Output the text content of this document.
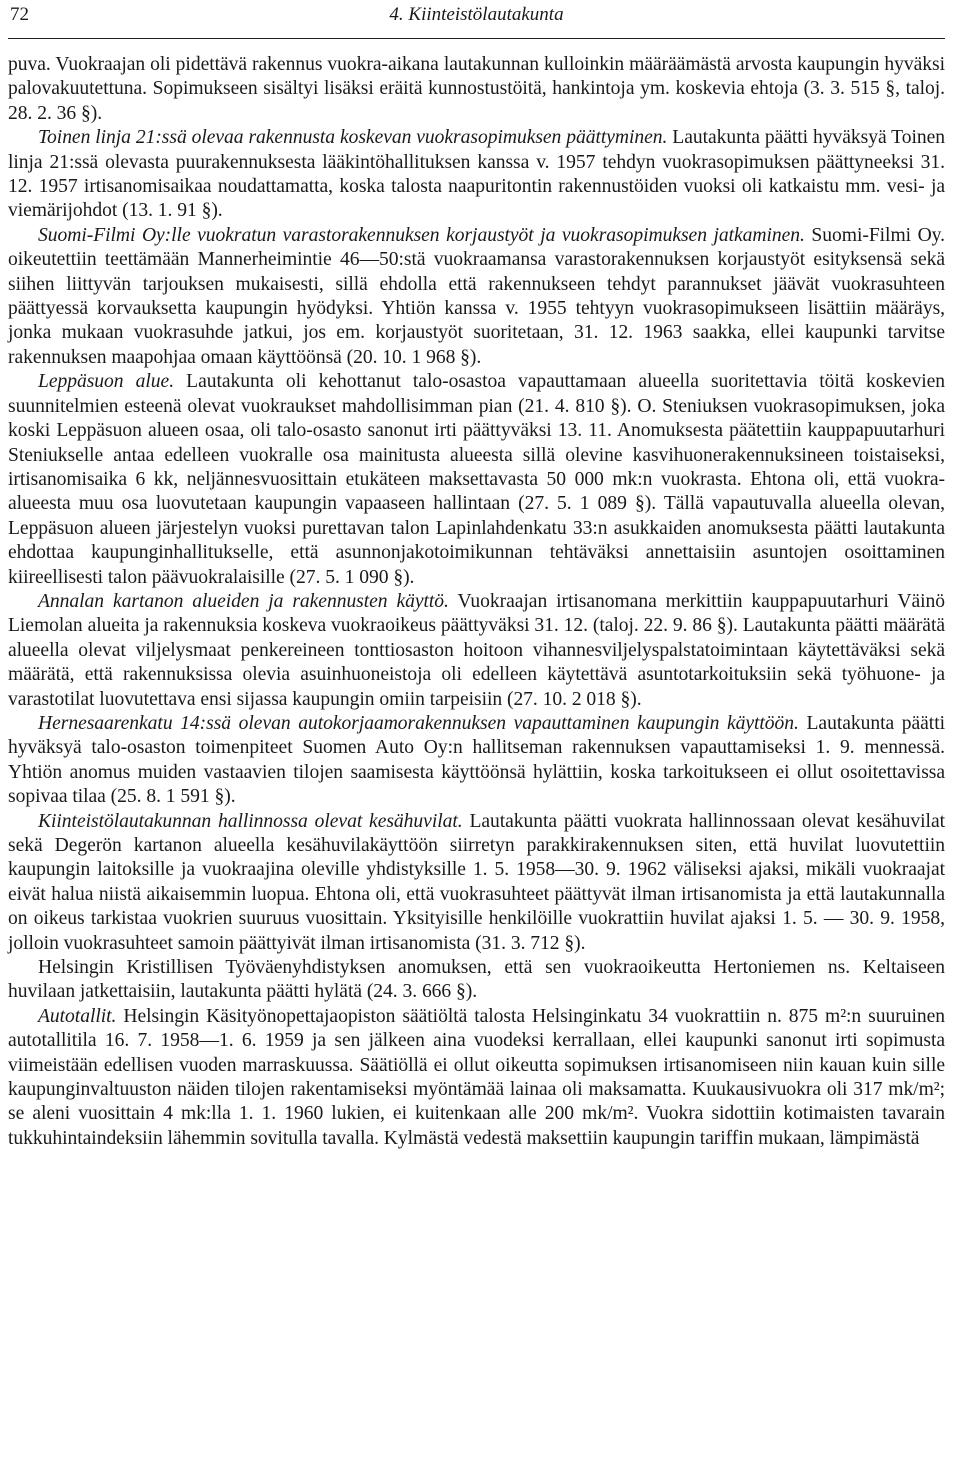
72	4. Kiinteistölautakunta

puva. Vuokraajan oli pidettävä rakennus vuokra-aikana lautakunnan kulloinkin määräämästä arvosta kaupungin hyväksi palovakuutettuna. Sopimukseen sisältyi lisäksi eräitä kunnostustöitä, hankintoja ym. koskevia ehtoja (3. 3. 515 §, taloj. 28. 2. 36 §).

Toinen linja 21:ssä olevaa rakennusta koskevan vuokrasopimuksen päättyminen. Lautakunta päätti hyväksyä Toinen linja 21:ssä olevasta puurakennuksesta lääkintöhallituksen kanssa v. 1957 tehdyn vuokrasopimuksen päättyneeksi 31. 12. 1957 irtisanomisaikaa noudattamatta, koska talosta naapuritontin rakennustöiden vuoksi oli katkaistu mm. vesi- ja viemärijohdot (13. 1. 91 §).

Suomi-Filmi Oy:lle vuokratun varastorakennuksen korjaustyöt ja vuokrasopimuksen jatkaminen. Suomi-Filmi Oy. oikeutettiin teettämään Mannerheimintie 46—50:stä vuokraamansa varastorakennuksen korjaustyöt esityksensä sekä siihen liittyvän tarjouksen mukaisesti, sillä ehdolla että rakennukseen tehdyt parannukset jäävät vuokrasuhteen päättyessä korvauksetta kaupungin hyödyksi. Yhtiön kanssa v. 1955 tehtyyn vuokrasopimukseen lisättiin määräys, jonka mukaan vuokrasuhde jatkui, jos em. korjaustyöt suoritetaan, 31. 12. 1963 saakka, ellei kaupunki tarvitse rakennuksen maapohjaa omaan käyttöönsä (20. 10. 1 968 §).

Leppäsuon alue. Lautakunta oli kehottanut talo-osastoa vapauttamaan alueella suoritettavia töitä koskevien suunnitelmien esteenä olevat vuokraukset mahdollisimman pian (21. 4. 810 §). O. Steniuksen vuokrasopimuksen, joka koski Leppäsuon alueen osaa, oli talo-osasto sanonut irti päättyväksi 13. 11. Anomuksesta päätettiin kauppapuutarhuri Steniukselle antaa edelleen vuokralle osa mainitusta alueesta sillä olevine kasvihuonerakennuksineen toistaiseksi, irtisanomisaika 6 kk, neljännesvuosittain etukäteen maksettavasta 50 000 mk:n vuokrasta. Ehtona oli, että vuokra-alueesta muu osa luovutetaan kaupungin vapaaseen hallintaan (27. 5. 1 089 §). Tällä vapautuvalla alueella olevan, Leppäsuon alueen järjestelyn vuoksi purettavan talon Lapinlahdenkatu 33:n asukkaiden anomuksesta päätti lautakunta ehdottaa kaupunginhallitukselle, että asunnonjakotoimikunnan tehtäväksi annettaisiin asuntojen osoittaminen kiireellisesti talon päävuokralaisille (27. 5. 1 090 §).

Annalan kartanon alueiden ja rakennusten käyttö. Vuokraajan irtisanomana merkittiin kauppapuutarhuri Väinö Liemolan alueita ja rakennuksia koskeva vuokraoikeus päättyväksi 31. 12. (taloj. 22. 9. 86 §). Lautakunta päätti määrätä alueella olevat viljelysmaat penkereineen tonttiosaston hoitoon vihannesviljelyspalstatoimintaan käytettäväksi sekä määrätä, että rakennuksissa olevia asuinhuoneistoja oli edelleen käytettävä asuntotarkoituksiin sekä työhuone- ja varastotilat luovutettava ensi sijassa kaupungin omiin tarpeisiin (27. 10. 2 018 §).

Hernesaarenkatu 14:ssä olevan autokorjaamorakennuksen vapauttaminen kaupungin käyttöön. Lautakunta päätti hyväksyä talo-osaston toimenpiteet Suomen Auto Oy:n hallitseman rakennuksen vapauttamiseksi 1. 9. mennessä. Yhtiön anomus muiden vastaavien tilojen saamisesta käyttöönsä hylättiin, koska tarkoitukseen ei ollut osoitettavissa sopivaa tilaa (25. 8. 1 591 §).

Kiinteistölautakunnan hallinnossa olevat kesähuvilat. Lautakunta päätti vuokrata hallinnossaan olevat kesähuvilat sekä Degerön kartanon alueella kesähuvilakäyttöön siirretyn parakkirakennuksen siten, että huvilat luovutettiin kaupungin laitoksille ja vuokraajina oleville yhdistyksille 1. 5. 1958—30. 9. 1962 väliseksi ajaksi, mikäli vuokraajat eivät halua niistä aikaisemmin luopua. Ehtona oli, että vuokrasuhteet päättyvät ilman irtisanomista ja että lautakunnalla on oikeus tarkistaa vuokrien suuruus vuosittain. Yksityisille henkilöille vuokrattiin huvilat ajaksi 1. 5. — 30. 9. 1958, jolloin vuokrasuhteet samoin päättyivät ilman irtisanomista (31. 3. 712 §).

Helsingin Kristillisen Työväenyhdistyksen anomuksen, että sen vuokraoikeutta Hertoniemen ns. Keltaiseen huvilaan jatkettaisiin, lautakunta päätti hylätä (24. 3. 666 §).

Autotallit. Helsingin Käsityönopettajaopiston säätiöltä talosta Helsinginkatu 34 vuokrattiin n. 875 m²:n suuruinen autotallitila 16. 7. 1958—1. 6. 1959 ja sen jälkeen aina vuodeksi kerrallaan, ellei kaupunki sanonut irti sopimusta viimeistään edellisen vuoden marraskuussa. Säätiöllä ei ollut oikeutta sopimuksen irtisanomiseen niin kauan kuin sille kaupunginvaltuuston näiden tilojen rakentamiseksi myöntämää lainaa oli maksamatta. Kuukausivuokra oli 317 mk/m²; se aleni vuosittain 4 mk:lla 1. 1. 1960 lukien, ei kuitenkaan alle 200 mk/m². Vuokra sidottiin kotimaisten tavarain tukkuhintaindeksiin lähemmin sovitulla tavalla. Kylmästä vedestä maksettiin kaupungin tariffin mukaan, lämpimästä
